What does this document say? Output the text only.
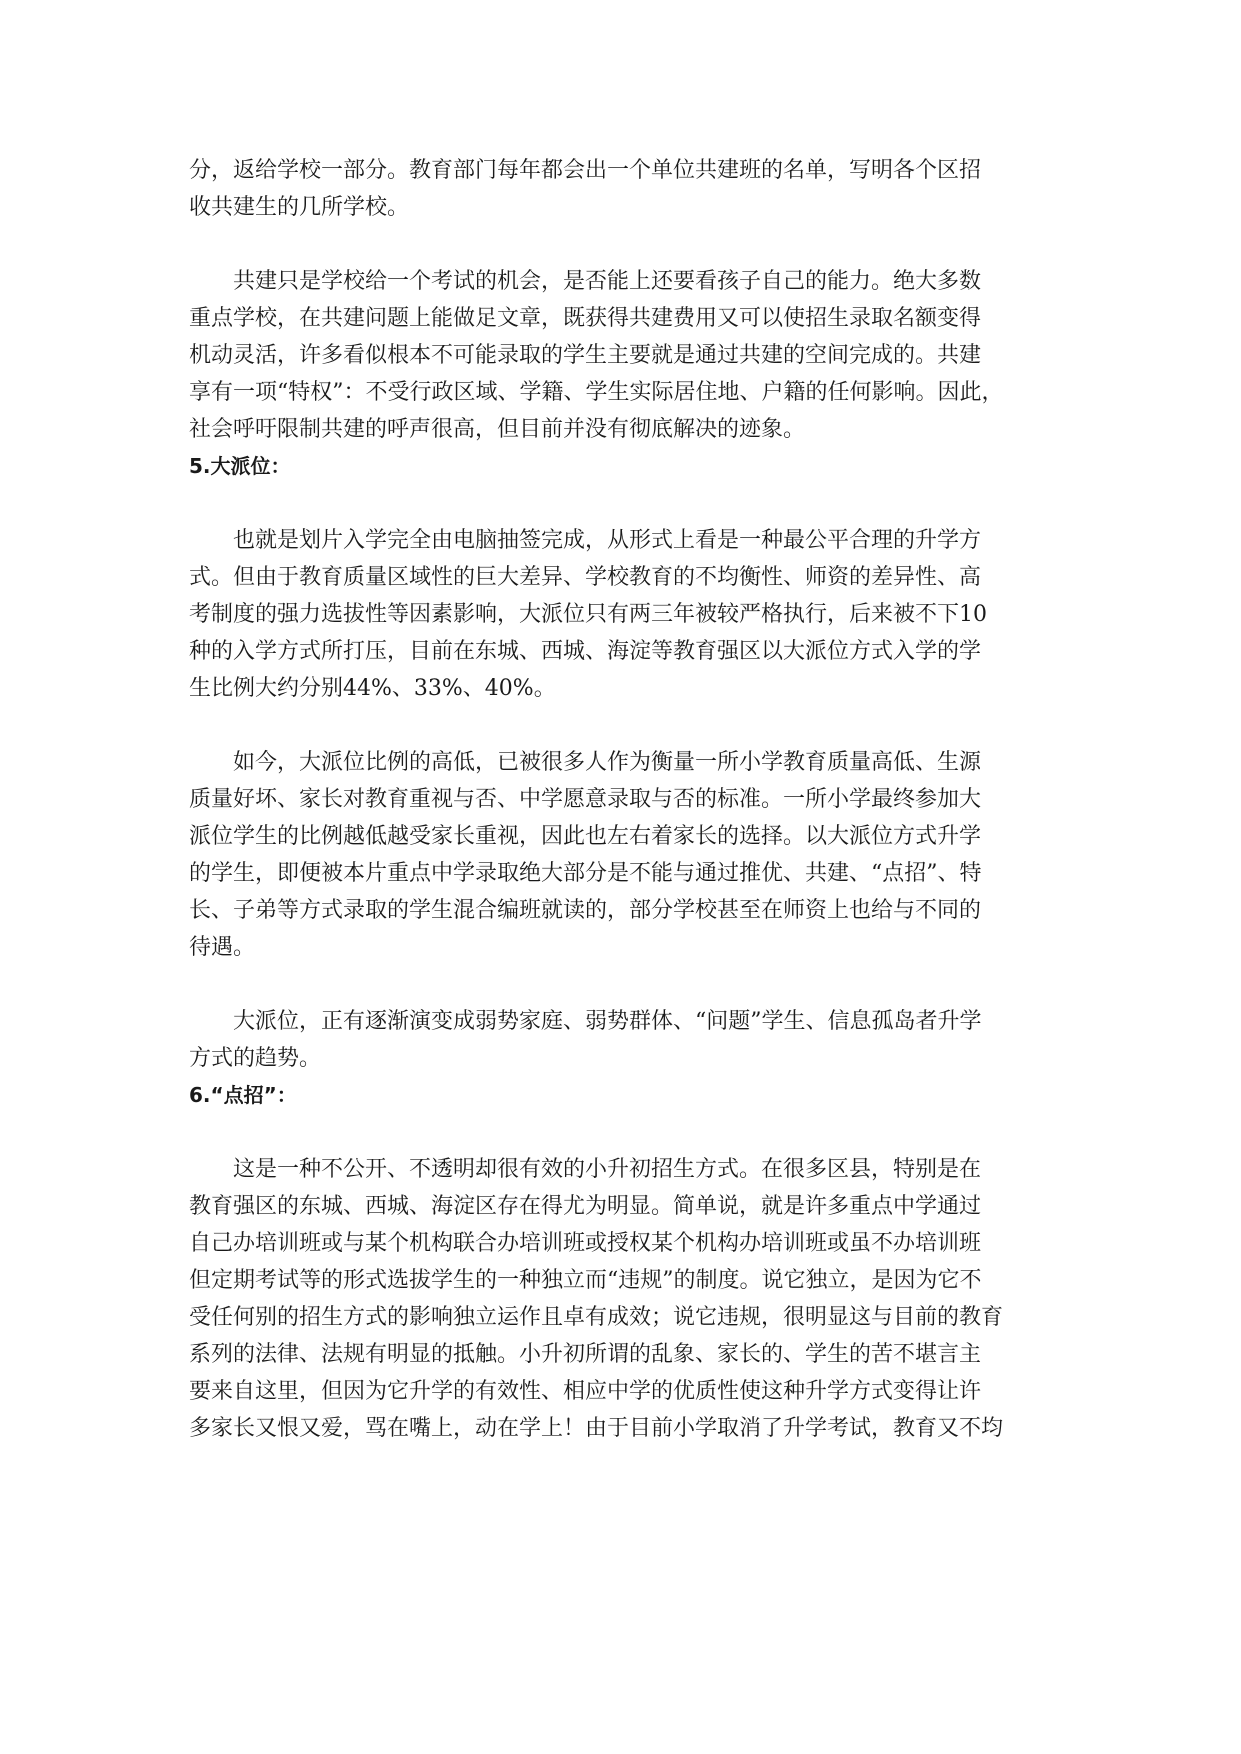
分，返给学校一部分。教育部门每年都会出一个单位共建班的名单，写明各个区招
收共建生的几所学校。

共建只是学校给一个考试的机会，是否能上还要看孩子自己的能力。绝大多数
重点学校，在共建问题上能做足文章，既获得共建费用又可以使招生录取名额变得
机动灵活，许多看似根本不可能录取的学生主要就是通过共建的空间完成的。共建
享有一项“特权”：不受行政区域、学籍、学生实际居住地、户籍的任何影响。因此，
社会呼吁限制共建的呼声很高，但目前并没有彻底解决的迹象。

5.大派位：

也就是划片入学完全由电脑抽签完成，从形式上看是一种最公平合理的升学方
式。但由于教育质量区域性的巨大差异、学校教育的不均衡性、师资的差异性、高
考制度的强力选拔性等因素影响，大派位只有两三年被较严格执行，后来被不下10
种的入学方式所打压，目前在东城、西城、海淀等教育强区以大派位方式入学的学
生比例大约分别44%、33%、40%。

如今，大派位比例的高低，已被很多人作为衡量一所小学教育质量高低、生源
质量好坏、家长对教育重视与否、中学愿意录取与否的标准。一所小学最终参加大
派位学生的比例越低越受家长重视，因此也左右着家长的选择。以大派位方式升学
的学生，即便被本片重点中学录取绝大部分是不能与通过推优、共建、“点招”、特
长、子弟等方式录取的学生混合编班就读的，部分学校甚至在师资上也给与不同的
待遇。

大派位，正有逐渐演变成弱势家庭、弱势群体、“问题”学生、信息孤岛者升学
方式的趋势。

6.“点招”：

这是一种不公开、不透明却很有效的小升初招生方式。在很多区县，特别是在
教育强区的东城、西城、海淀区存在得尤为明显。简单说，就是许多重点中学通过
自己办培训班或与某个机构联合办培训班或授权某个机构办培训班或虽不办培训班
但定期考试等的形式选拔学生的一种独立而“违规”的制度。说它独立，是因为它不
受任何别的招生方式的影响独立运作且卓有成效；说它违规，很明显这与目前的教育
系列的法律、法规有明显的抵触。小升初所谓的乱象、家长的、学生的苦不堪言主
要来自这里，但因为它升学的有效性、相应中学的优质性使这种升学方式变得让许
多家长又恨又爱，骂在嘴上，动在学上！由于目前小学取消了升学考试，教育又不均
